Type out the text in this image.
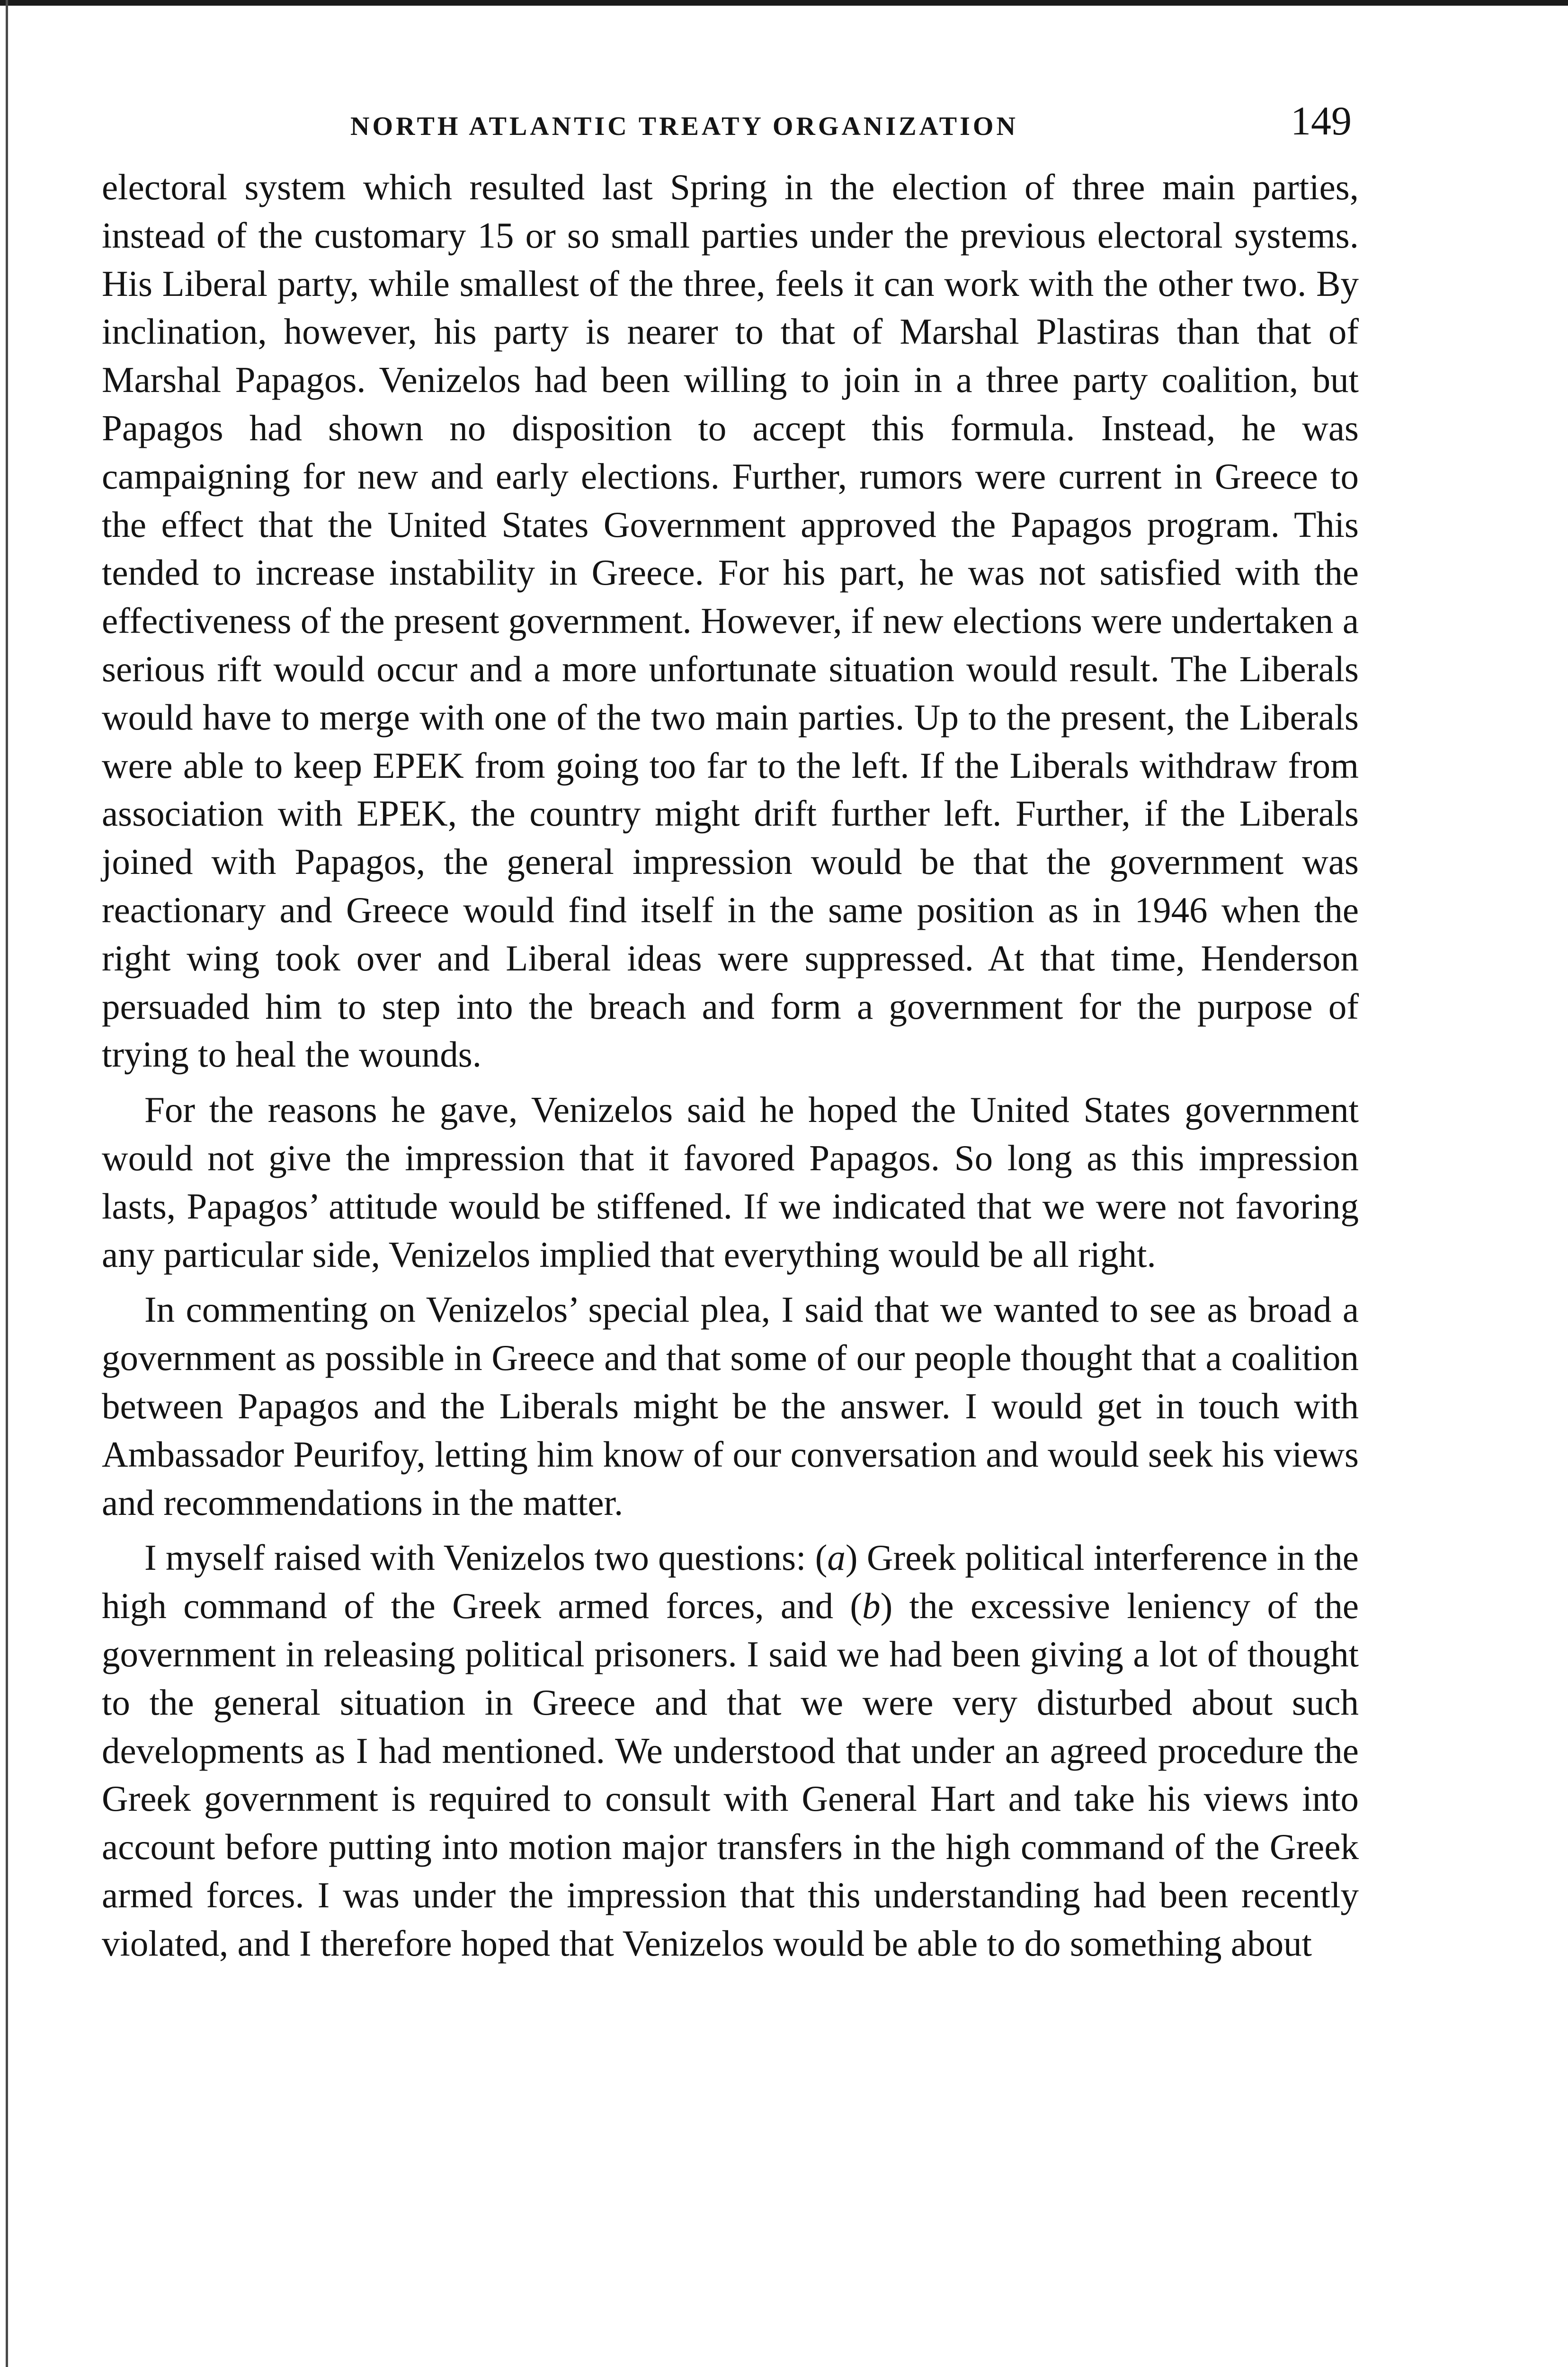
NORTH ATLANTIC TREATY ORGANIZATION	149

electoral system which resulted last Spring in the election of three main parties, instead of the customary 15 or so small parties under the previous electoral systems. His Liberal party, while smallest of the three, feels it can work with the other two. By inclination, however, his party is nearer to that of Marshal Plastiras than that of Marshal Papagos. Venizelos had been willing to join in a three party coalition, but Papagos had shown no disposition to accept this formula. Instead, he was campaigning for new and early elections. Further, rumors were current in Greece to the effect that the United States Government approved the Papagos program. This tended to increase instability in Greece. For his part, he was not satisfied with the effectiveness of the present government. However, if new elections were undertaken a serious rift would occur and a more unfortunate situation would result. The Liberals would have to merge with one of the two main parties. Up to the present, the Liberals were able to keep EPEK from going too far to the left. If the Liberals withdraw from association with EPEK, the country might drift further left. Further, if the Liberals joined with Papagos, the general impression would be that the government was reactionary and Greece would find itself in the same position as in 1946 when the right wing took over and Liberal ideas were suppressed. At that time, Henderson persuaded him to step into the breach and form a government for the purpose of trying to heal the wounds.

For the reasons he gave, Venizelos said he hoped the United States government would not give the impression that it favored Papagos. So long as this impression lasts, Papagos’ attitude would be stiffened. If we indicated that we were not favoring any particular side, Venizelos implied that everything would be all right.

In commenting on Venizelos’ special plea, I said that we wanted to see as broad a government as possible in Greece and that some of our people thought that a coalition between Papagos and the Liberals might be the answer. I would get in touch with Ambassador Peurifoy, letting him know of our conversation and would seek his views and recommendations in the matter.

I myself raised with Venizelos two questions: (a) Greek political interference in the high command of the Greek armed forces, and (b) the excessive leniency of the government in releasing political prisoners. I said we had been giving a lot of thought to the general situation in Greece and that we were very disturbed about such developments as I had mentioned. We understood that under an agreed procedure the Greek government is required to consult with General Hart and take his views into account before putting into motion major transfers in the high command of the Greek armed forces. I was under the impression that this understanding had been recently violated, and I therefore hoped that Venizelos would be able to do something about
